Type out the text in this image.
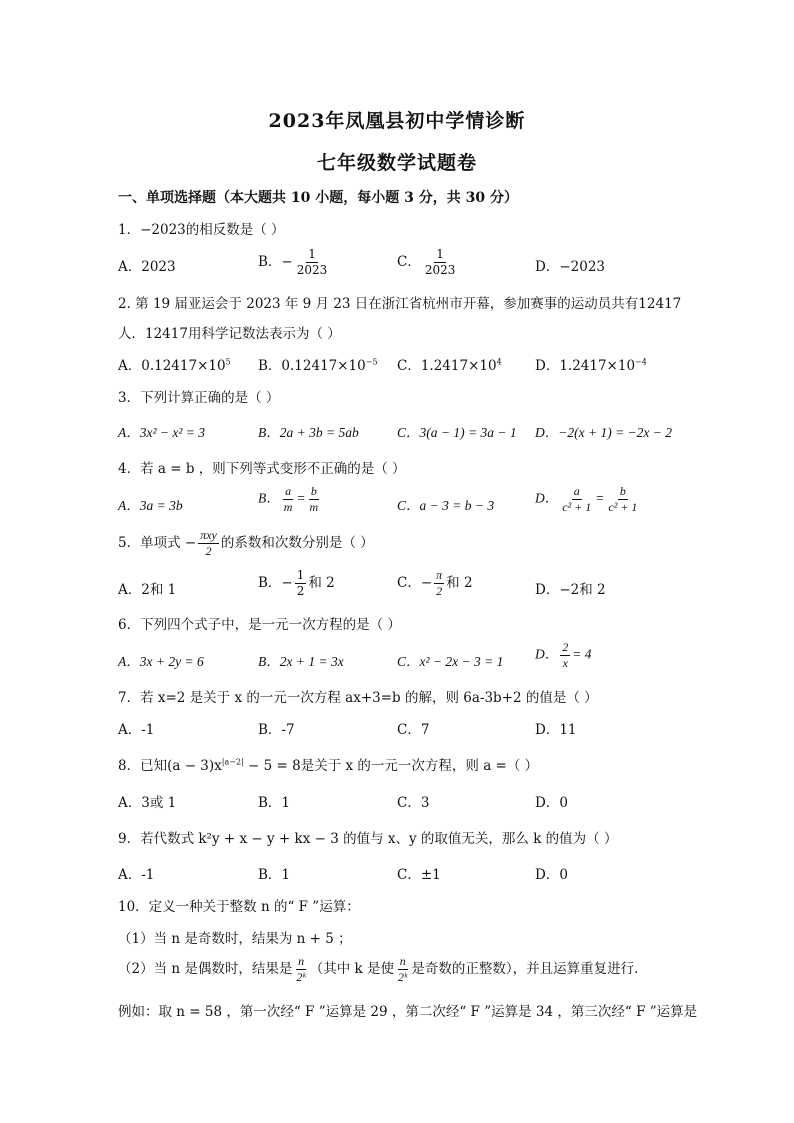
2023年凤凰县初中学情诊断
七年级数学试题卷
一、单项选择题（本大题共 10 小题，每小题 3 分，共 30 分）
1．−2023的相反数是（ ）
A．2023	B．− $\frac{1}{2023}$	C． $\frac{1}{2023}$	D．−2023
2. 第 19 届亚运会于 2023 年 9 月 23 日在浙江省杭州市开幕，参加赛事的运动员共有12417
人．12417用科学记数法表示为（ ）
A．$0.12417\times 10^5$ B．$0.12417\times 10^{-5}$ C．$1.2417\times 10^4$ D．$1.2417\times 10^{-4}$
3．下列计算正确的是（ ）
A．3x² − x² = 3	B．2a + 3b = 5ab	C．3(a − 1) = 3a − 1 D．−2(x + 1) = −2x − 2
4．若 a = b ，则下列等式变形不正确的是（ ）
A．3a = 3b	B． $\frac{a}{m} = \frac{b}{m}$	C．a − 3 = b − 3	D． $\frac{a}{\text{c² + 1}} = \frac{b}{\text{c² + 1}}$
5．单项式 − $\frac{\text{πxy}}{2}$ 的系数和次数分别是（ ）
A．2和 1	B．− $\frac{1}{2}$ 和 2	C．− $\frac{\pi}{2}$ 和 2	D．−2和 2
6．下列四个式子中，是一元一次方程的是（ ）
A．3x + 2y = 6	B．2x + 1 = 3x	C．x² − 2x − 3 = 1 D． $\frac{2}{x} = 4$
7．若 x=2 是关于 x 的一元一次方程 ax+3=b 的解，则 6a-3b+2 的值是（ ）
A．-1	B．-7	C．7	D．11
8．已知$(a - 3)x^{|a-2|} - 5 = 8$是关于 x 的一元一次方程，则 a =（ ）
A．3或 1	B．1	C．3	D．0
9．若代数式 k²y + x − y + kx − 3 的值与 x、y 的取值无关，那么 k 的值为（ ）
A．-1	B．1	C．±1	D．0
10．定义一种关于整数 n 的“ F ”运算：
（1）当 n 是奇数时，结果为 n + 5 ；
（2）当 n 是偶数时，结果是 $\frac{n}{\text{2ᵏ}}$ （其中 k 是使 $\frac{n}{\text{2ᵏ}}$ 是奇数的正整数），并且运算重复进行．
例如：取 n = 58 ，第一次经“ F ”运算是 29 ，第二次经“ F ”运算是 34 ，第三次经“ F ”运算是
